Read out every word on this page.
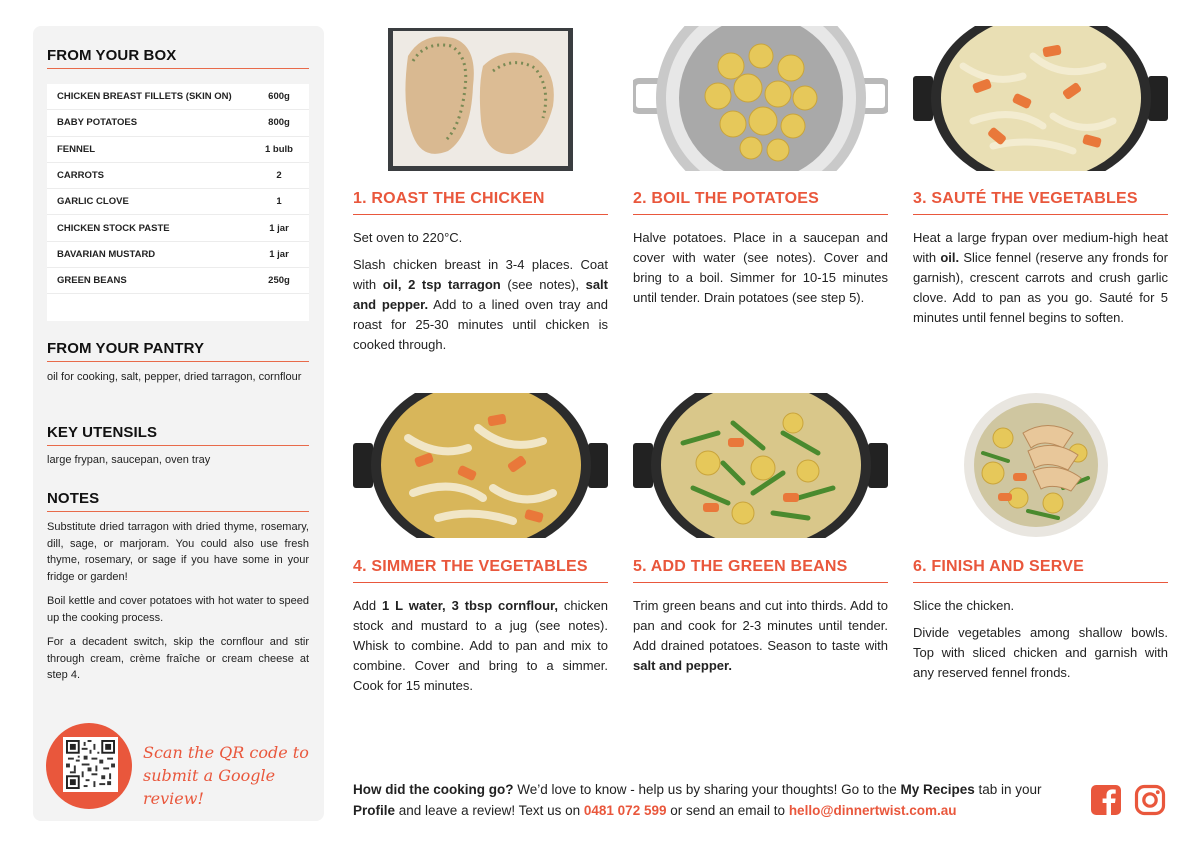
FROM YOUR BOX
CHICKEN BREAST FILLETS (SKIN ON)	600g
BABY POTATOES	800g
FENNEL	1 bulb
CARROTS	2
GARLIC CLOVE	1
CHICKEN STOCK PASTE	1 jar
BAVARIAN MUSTARD	1 jar
GREEN BEANS	250g
FROM YOUR PANTRY
oil for cooking, salt, pepper, dried tarragon, cornflour
KEY UTENSILS
large frypan, saucepan, oven tray
NOTES

Substitute dried tarragon with dried thyme, rosemary, dill, sage, or marjoram. You could also use fresh thyme, rosemary, or sage if you have some in your fridge or garden!

Boil kettle and cover potatoes with hot water to speed up the cooking process.

For a decadent switch, skip the cornflour and stir through cream, crème fraîche or cream cheese at step 4.

Scan the QR code to
submit a Google review!
1. ROAST THE CHICKEN

Set oven to 220°C.

Slash chicken breast in 3-4 places. Coat with oil, 2 tsp tarragon (see notes), salt and pepper. Add to a lined oven tray and roast for 25-30 minutes until chicken is cooked through.

2. BOIL THE POTATOES

Halve potatoes. Place in a saucepan and cover with water (see notes). Cover and bring to a boil. Simmer for 10-15 minutes until tender. Drain potatoes (see step 5).

3. SAUTÉ THE VEGETABLES

Heat a large frypan over medium-high heat with oil. Slice fennel (reserve any fronds for garnish), crescent carrots and crush garlic clove. Add to pan as you go. Sauté for 5 minutes until fennel begins to soften.

4. SIMMER THE VEGETABLES

Add 1 L water, 3 tbsp cornflour, chicken stock and mustard to a jug (see notes). Whisk to combine. Add to pan and mix to combine. Cover and bring to a simmer. Cook for 15 minutes.

5. ADD THE GREEN BEANS

Trim green beans and cut into thirds. Add to pan and cook for 2-3 minutes until tender. Add drained potatoes. Season to taste with salt and pepper.

6. FINISH AND SERVE

Slice the chicken.

Divide vegetables among shallow bowls. Top with sliced chicken and garnish with any reserved fennel fronds.

How did the cooking go? We’d love to know - help us by sharing your thoughts! Go to the My Recipes tab in your Profile and leave a review! Text us on 0481 072 599 or send an email to hello@dinnertwist.com.au
